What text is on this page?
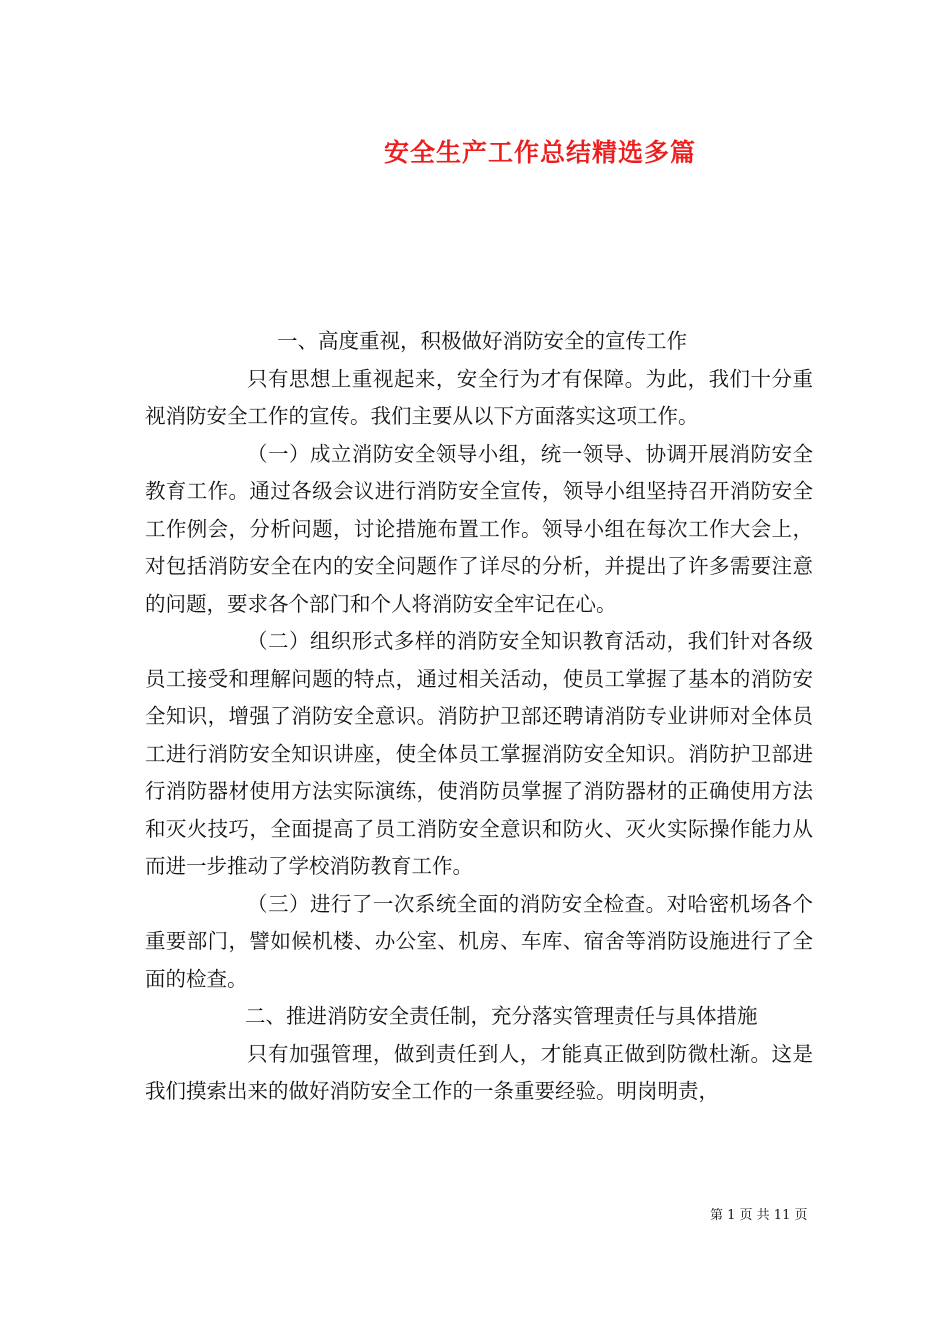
安全生产工作总结精选多篇

一、高度重视，积极做好消防安全的宣传工作

只有思想上重视起来，安全行为才有保障。为此，我们十分重视消防安全工作的宣传。我们主要从以下方面落实这项工作。

（一）成立消防安全领导小组，统一领导、协调开展消防安全教育工作。通过各级会议进行消防安全宣传，领导小组坚持召开消防安全工作例会，分析问题，讨论措施布置工作。领导小组在每次工作大会上，对包括消防安全在内的安全问题作了详尽的分析，并提出了许多需要注意的问题，要求各个部门和个人将消防安全牢记在心。

（二）组织形式多样的消防安全知识教育活动，我们针对各级员工接受和理解问题的特点，通过相关活动，使员工掌握了基本的消防安全知识，增强了消防安全意识。消防护卫部还聘请消防专业讲师对全体员工进行消防安全知识讲座，使全体员工掌握消防安全知识。消防护卫部进行消防器材使用方法实际演练，使消防员掌握了消防器材的正确使用方法和灭火技巧，全面提高了员工消防安全意识和防火、灭火实际操作能力从而进一步推动了学校消防教育工作。

（三）进行了一次系统全面的消防安全检查。对哈密机场各个重要部门，譬如候机楼、办公室、机房、车库、宿舍等消防设施进行了全面的检查。

二、推进消防安全责任制，充分落实管理责任与具体措施

只有加强管理，做到责任到人，才能真正做到防微杜渐。这是我们摸索出来的做好消防安全工作的一条重要经验。明岗明责，

第 1 页 共 11 页
